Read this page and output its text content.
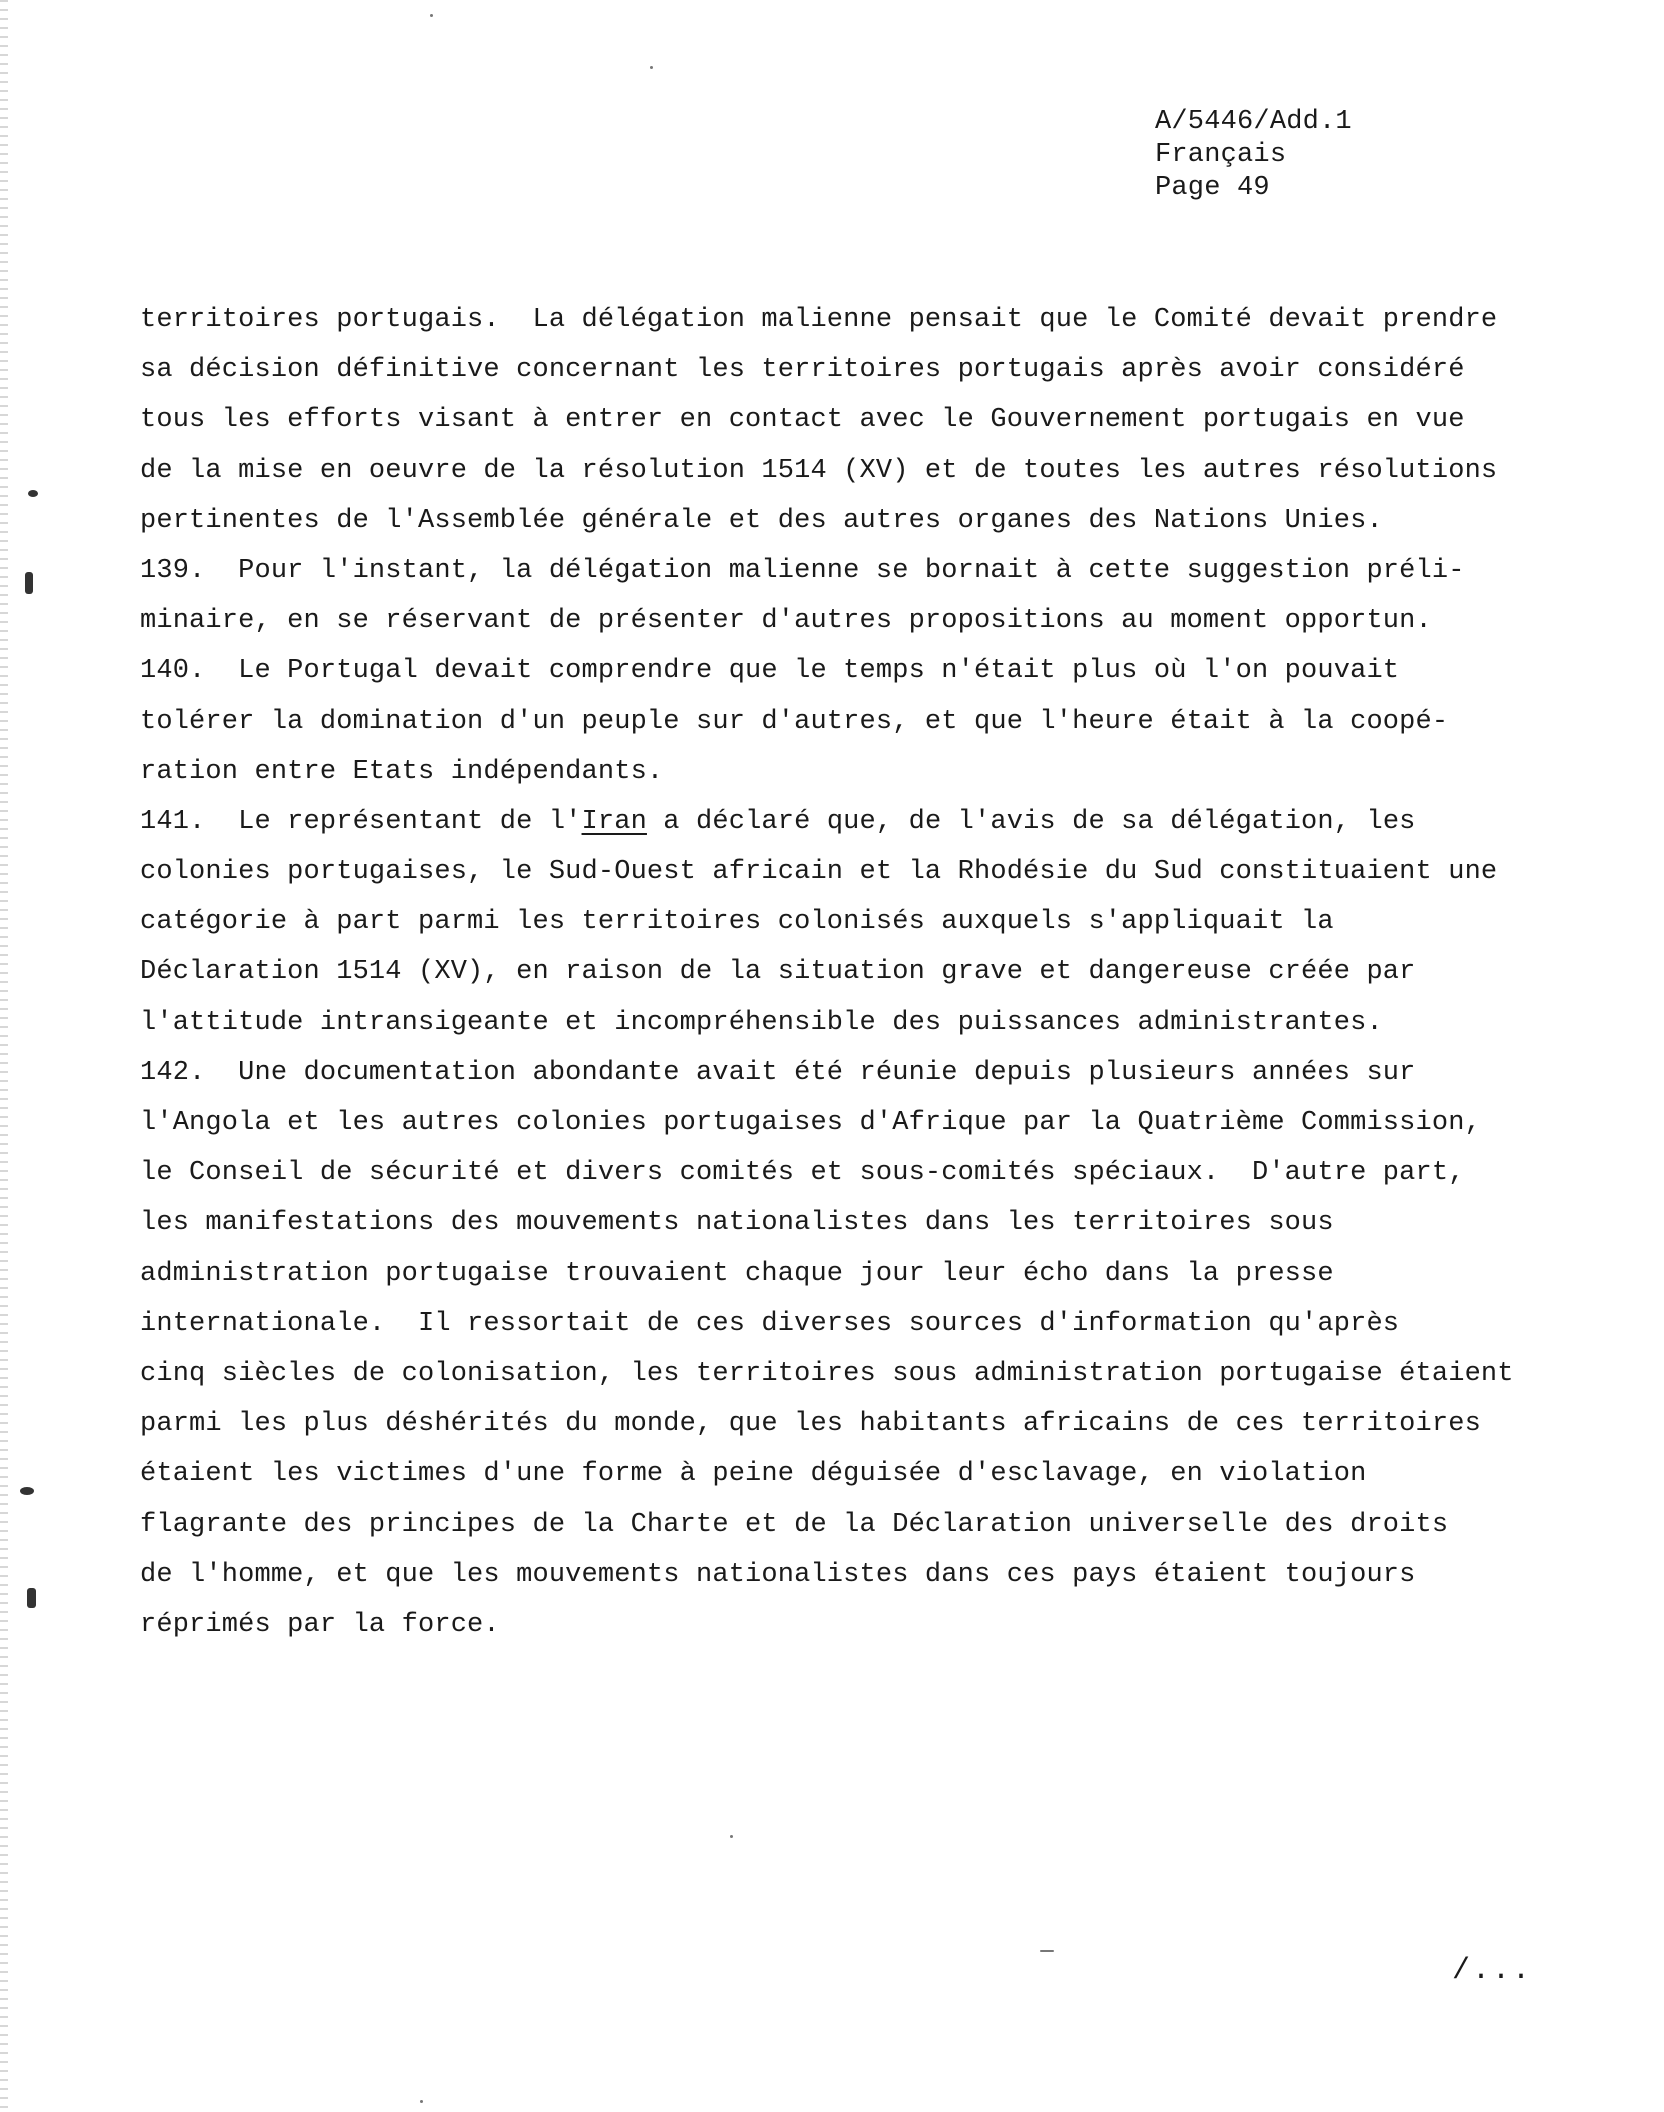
A/5446/Add.1
Français
Page 49
territoires portugais.  La délégation malienne pensait que le Comité devait prendre
sa décision définitive concernant les territoires portugais après avoir considéré
tous les efforts visant à entrer en contact avec le Gouvernement portugais en vue
de la mise en oeuvre de la résolution 1514 (XV) et de toutes les autres résolutions
pertinentes de l'Assemblée générale et des autres organes des Nations Unies.
139.  Pour l'instant, la délégation malienne se bornait à cette suggestion préli-
minaire, en se réservant de présenter d'autres propositions au moment opportun.
140.  Le Portugal devait comprendre que le temps n'était plus où l'on pouvait
tolérer la domination d'un peuple sur d'autres, et que l'heure était à la coopé-
ration entre Etats indépendants.
141.  Le représentant de l'Iran a déclaré que, de l'avis de sa délégation, les
colonies portugaises, le Sud-Ouest africain et la Rhodésie du Sud constituaient une
catégorie à part parmi les territoires colonisés auxquels s'appliquait la
Déclaration 1514 (XV), en raison de la situation grave et dangereuse créée par
l'attitude intransigeante et incompréhensible des puissances administrantes.
142.  Une documentation abondante avait été réunie depuis plusieurs années sur
l'Angola et les autres colonies portugaises d'Afrique par la Quatrième Commission,
le Conseil de sécurité et divers comités et sous-comités spéciaux.  D'autre part,
les manifestations des mouvements nationalistes dans les territoires sous
administration portugaise trouvaient chaque jour leur écho dans la presse
internationale.  Il ressortait de ces diverses sources d'information qu'après
cinq siècles de colonisation, les territoires sous administration portugaise étaient
parmi les plus déshérités du monde, que les habitants africains de ces territoires
étaient les victimes d'une forme à peine déguisée d'esclavage, en violation
flagrante des principes de la Charte et de la Déclaration universelle des droits
de l'homme, et que les mouvements nationalistes dans ces pays étaient toujours
réprimés par la force.
/...
